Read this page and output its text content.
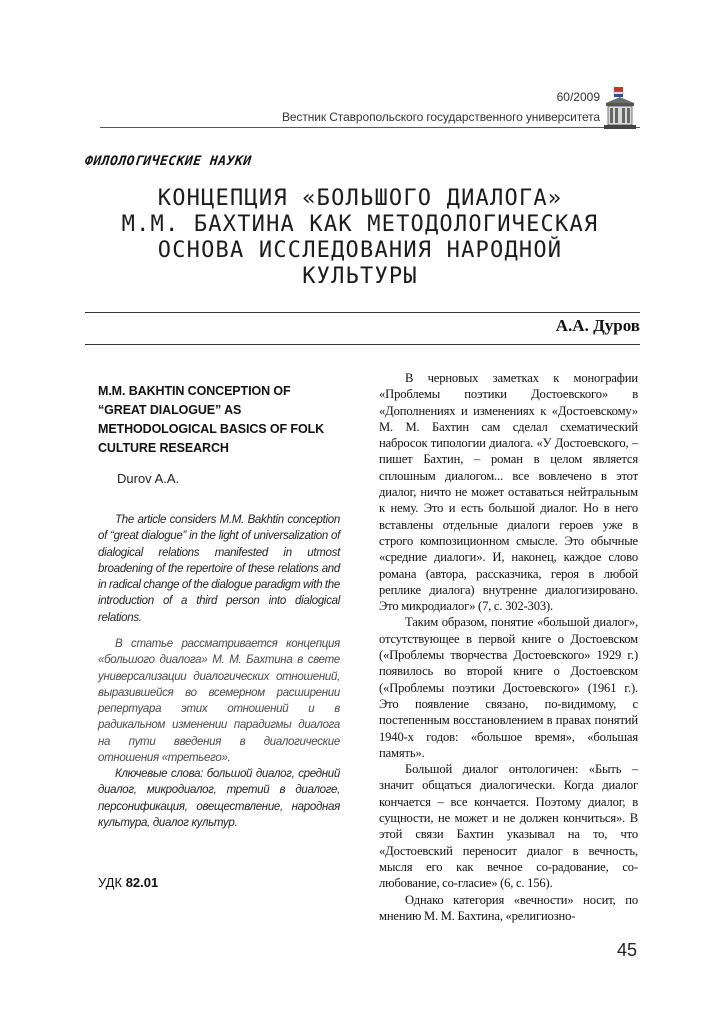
60/2009
Вестник Ставропольского государственного университета
ФИЛОЛОГИЧЕСКИЕ НАУКИ
КОНЦЕПЦИЯ «БОЛЬШОГО ДИАЛОГА»
М.М. БАХТИНА КАК МЕТОДОЛОГИЧЕСКАЯ
ОСНОВА ИССЛЕДОВАНИЯ НАРОДНОЙ
КУЛЬТУРЫ
А.А. Дуров
M.M. BAKHTIN CONCEPTION OF “GREAT DIALOGUE” AS METHODOLOGICAL BASICS OF FOLK CULTURE RESEARCH
Durov A.A.
The article considers M.M. Bakhtin conception of “great dialogue” in the light of universalization of dialogical relations manifested in utmost broadening of the repertoire of these relations and in radical change of the dialogue paradigm with the introduction of a third person into dialogical relations.
В статье рассматривается концепция «большого диалога» М. М. Бахтина в свете универсализации диалогических отношений, выразившейся во всемерном расширении репертуара этих отношений и в радикальном изменении парадигмы диалога на пути введения в диалогические отношения «третьего».
Ключевые слова: большой диалог, средний диалог, микродиалог, третий в диалоге, персонификация, овеществление, народная культура, диалог культур.
УДК 82.01

В черновых заметках к монографии «Проблемы поэтики Достоевского» в «Дополнениях и изменениях к «Достоевскому» М. М. Бахтин сам сделал схематический набросок типологии диалога. «У Достоевского, – пишет Бахтин, – роман в целом является сплошным диалогом... все вовлечено в этот диалог, ничто не может оставаться нейтральным к нему. Это и есть большой диалог. Но в него вставлены отдельные диалоги героев уже в строго композиционном смысле. Это обычные «средние диалоги». И, наконец, каждое слово романа (автора, рассказчика, героя в любой реплике диалога) внутренне диалогизировано. Это микродиалог» (7, с. 302-303).

Таким образом, понятие «большой диалог», отсутствующее в первой книге о Достоевском («Проблемы творчества Достоевского» 1929 г.) появилось во второй книге о Достоевском («Проблемы поэтики Достоевского» (1961 г.). Это появление связано, по-видимому, с постепенным восстановлением в правах понятий 1940-х годов: «большое время», «большая память».

Большой диалог онтологичен: «Быть – значит общаться диалогически. Когда диалог кончается – все кончается. Поэтому диалог, в сущности, не может и не должен кончиться». В этой связи Бахтин указывал на то, что «Достоевский переносит диалог в вечность, мысля его как вечное со-радование, со-любование, со-гласие» (6, с. 156).

Однако категория «вечности» носит, по мнению М. М. Бахтина, «религиозно-

45
